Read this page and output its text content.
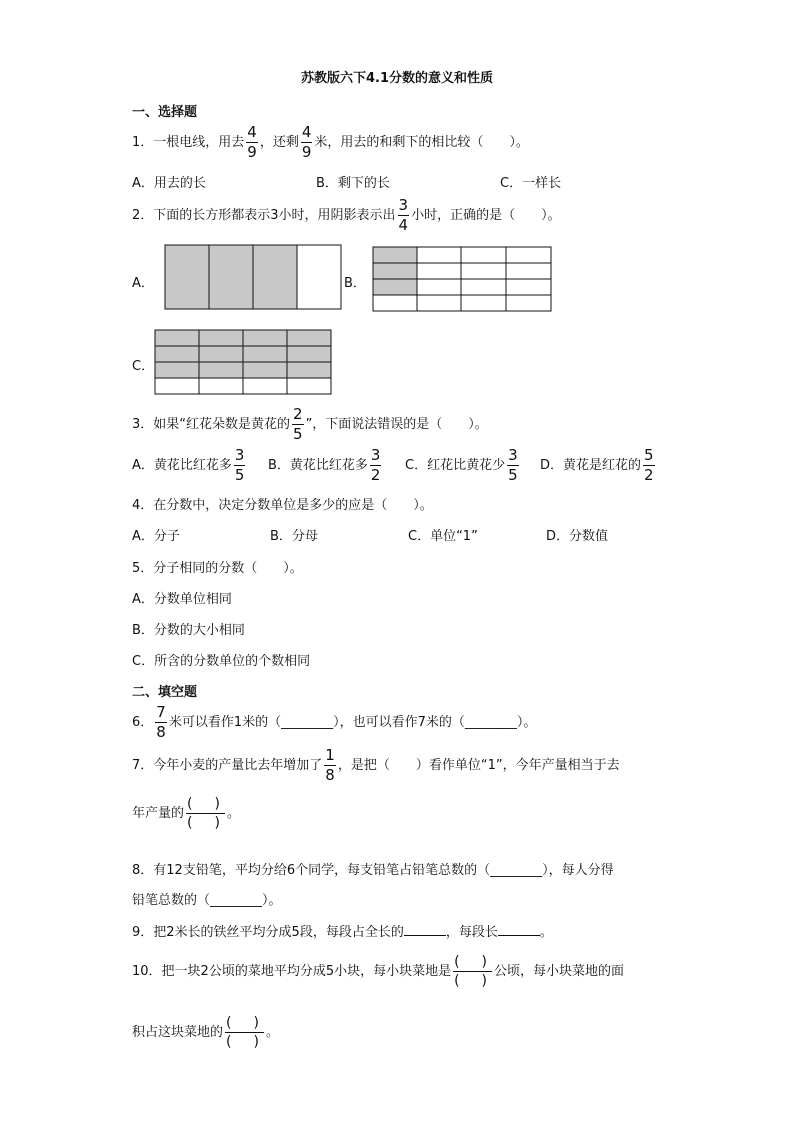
苏教版六下4.1分数的意义和性质
一、选择题
1．一根电线，用去 $\frac{4}{9}$ ，还剩 $\frac{4}{9}$ 米，用去的和剩下的相比较（　　）。
A．用去的长	B．剩下的长	C．一样长
2．下面的长方形都表示3小时，用阴影表示出 $\frac{3}{4}$ 小时，正确的是（　　）。
A．	B．
C．
3．如果“红花朵数是黄花的 $\frac{2}{5}$ ”，下面说法错误的是（　　）。
A．黄花比红花多 $\frac{3}{5}$ B．黄花比红花多 $\frac{3}{2}$ C．红花比黄花少 $\frac{3}{5}$ D．黄花是红花的 $\frac{5}{2}$
4．在分数中，决定分数单位是多少的应是（　　）。
A．分子	B．分母	C．单位“1”	D．分数值
5．分子相同的分数（　　）。
A．分数单位相同
B．分数的大小相同
C．所含的分数单位的个数相同
二、填空题
6． $\frac{7}{8}$ 米可以看作1米的（________），也可以看作7米的（________）。
7．今年小麦的产量比去年增加了 $\frac{1}{8}$ ，是把（　　）看作单位“1”，今年产量相当于去
年产量的 $\frac{( )}{( )}$ 。
8．有12支铅笔，平均分给6个同学，每支铅笔占铅笔总数的（________），每人分得
铅笔总数的（________）。
9．把2米长的铁丝平均分成5段，每段占全长的	，每段长	。
10．把一块2公顷的菜地平均分成5小块，每小块菜地是 $\frac{( )}{( )}$ 公顷，每小块菜地的面
积占这块菜地的 $\frac{( )}{( )}$ 。
